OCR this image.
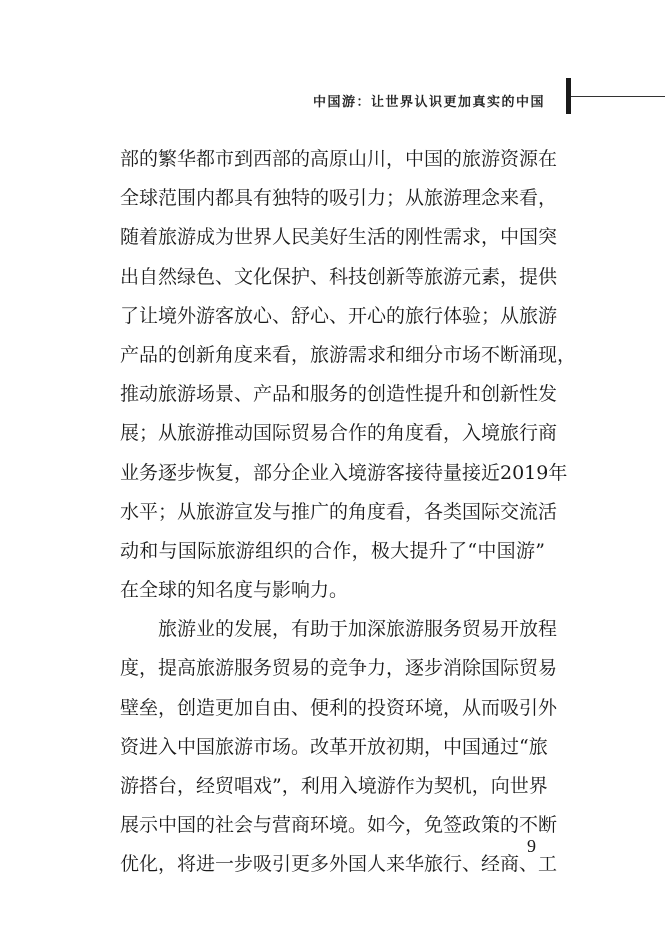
中国游：让世界认识更加真实的中国
部的繁华都市到西部的高原山川，中国的旅游资源在
全球范围内都具有独特的吸引力；从旅游理念来看，
随着旅游成为世界人民美好生活的刚性需求，中国突
出自然绿色、文化保护、科技创新等旅游元素，提供
了让境外游客放心、舒心、开心的旅行体验；从旅游
产品的创新角度来看，旅游需求和细分市场不断涌现，
推动旅游场景、产品和服务的创造性提升和创新性发
展；从旅游推动国际贸易合作的角度看，入境旅行商
业务逐步恢复，部分企业入境游客接待量接近2019年
水平；从旅游宣发与推广的角度看，各类国际交流活
动和与国际旅游组织的合作，极大提升了“中国游”
在全球的知名度与影响力。
旅游业的发展，有助于加深旅游服务贸易开放程
度，提高旅游服务贸易的竞争力，逐步消除国际贸易
壁垒，创造更加自由、便利的投资环境，从而吸引外
资进入中国旅游市场。改革开放初期，中国通过“旅
游搭台，经贸唱戏”，利用入境游作为契机，向世界
展示中国的社会与营商环境。如今，免签政策的不断
优化，将进一步吸引更多外国人来华旅行、经商、工
9
